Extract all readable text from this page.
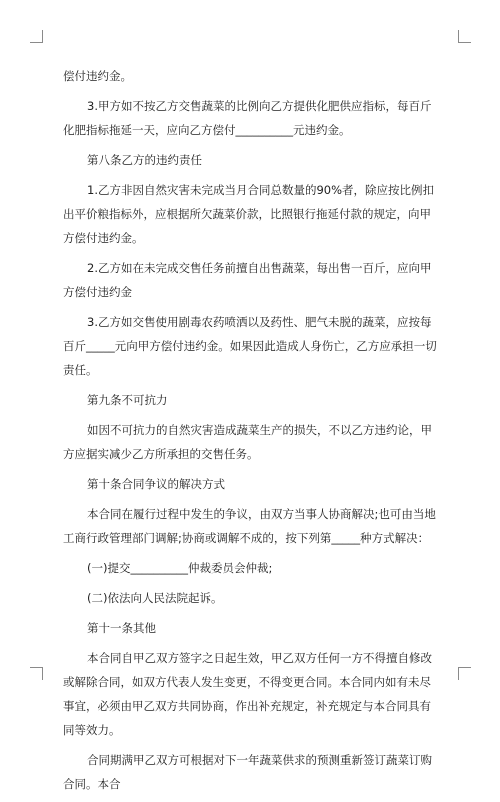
偿付违约金。
3.甲方如不按乙方交售蔬菜的比例向乙方提供化肥供应指标，每百斤化肥指标拖延一天，应向乙方偿付__________元违约金。
第八条乙方的违约责任
1.乙方非因自然灾害未完成当月合同总数量的90%者，除应按比例扣出平价粮指标外，应根据所欠蔬菜价款，比照银行拖延付款的规定，向甲方偿付违约金。
2.乙方如在未完成交售任务前擅自出售蔬菜，每出售一百斤，应向甲方偿付违约金
3.乙方如交售使用剧毒农药喷洒以及药性、肥气未脱的蔬菜，应按每百斤_____元向甲方偿付违约金。如果因此造成人身伤亡，乙方应承担一切责任。
第九条不可抗力
如因不可抗力的自然灾害造成蔬菜生产的损失，不以乙方违约论，甲方应据实减少乙方所承担的交售任务。
第十条合同争议的解决方式
本合同在履行过程中发生的争议，由双方当事人协商解决;也可由当地工商行政管理部门调解;协商或调解不成的，按下列第_____种方式解决：
(一)提交__________仲裁委员会仲裁;
(二)依法向人民法院起诉。
第十一条其他
本合同自甲乙双方签字之日起生效，甲乙双方任何一方不得擅自修改或解除合同，如双方代表人发生变更，不得变更合同。本合同内如有未尽事宜，必须由甲乙双方共同协商，作出补充规定，补充规定与本合同具有同等效力。
合同期满甲乙双方可根据对下一年蔬菜供求的预测重新签订蔬菜订购合同。本合
